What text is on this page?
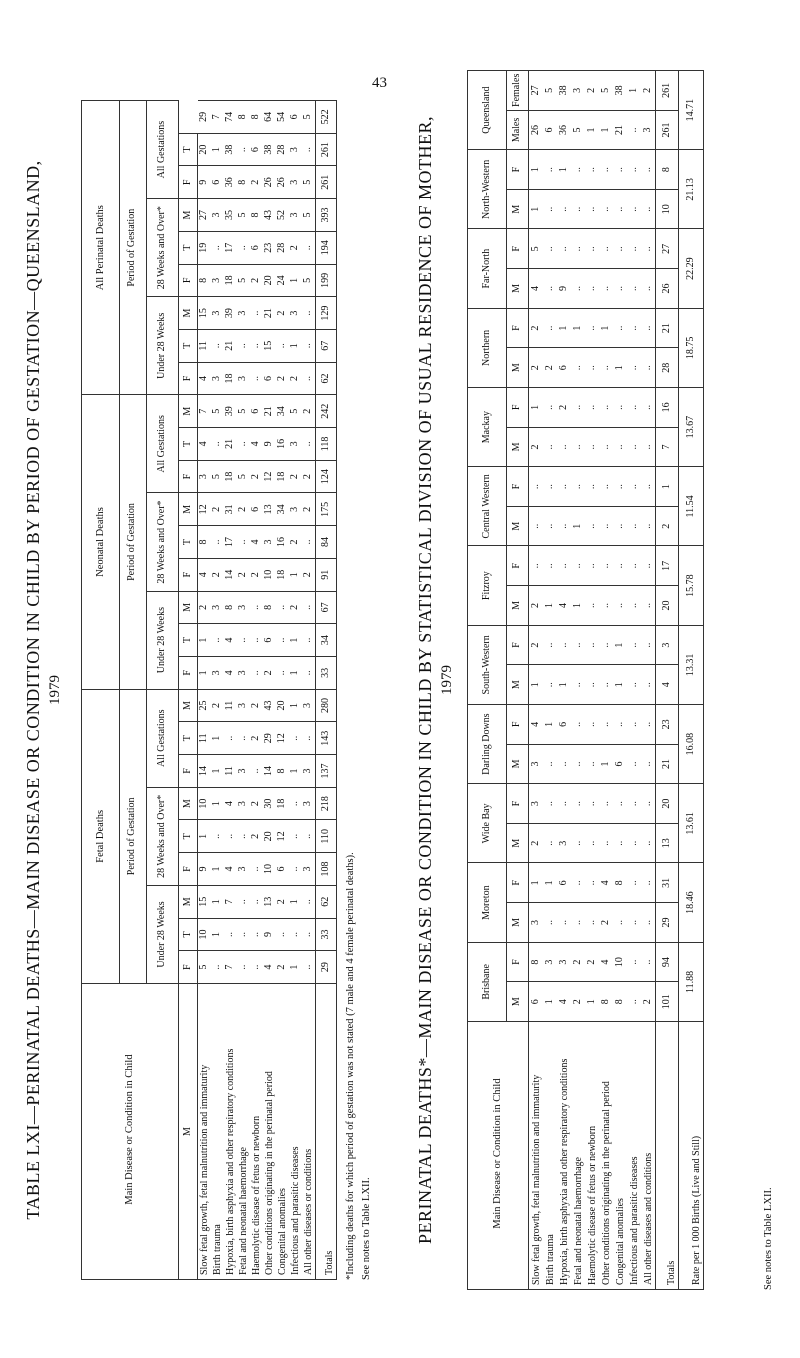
43
TABLE LXI—PERINATAL DEATHS—MAIN DISEASE OR CONDITION IN CHILD BY PERIOD OF GESTATION—QUEENSLAND, 1979
Main Disease or Condition in Child	Fetal Deaths									Neonatal Deaths									All Perinatal Deaths								
	Period of Gestation									Period of Gestation									Period of Gestation								
	Under 28 Weeks			28 Weeks and Over*			All Gestations			Under 28 Weeks			28 Weeks and Over*			All Gestations			Under 28 Weeks			28 Weeks and Over*			All Gestations		
M	F	T	M	F	T	M	F	T	M	F	T	M	F	T	M	F	T	M	F	T	M	F	T	M	F	T	
Slow fetal growth, fetal malnutrition and immaturity	5	10	15	9	1	10	14	11	25	1	1	2	4	8	12	3	4	7	4	11	15	8	19	27	9	20	29
Birth trauma	..	1	1	1	..	1	1	1	2	3	..	3	2	..	2	5	..	5	3	..	3	3	..	3	6	1	7
Hypoxia, birth asphyxia and other respiratory conditions	7	..	7	4	..	4	11	..	11	4	4	8	14	17	31	18	21	39	18	21	39	18	17	35	36	38	74
Fetal and neonatal haemorrhage	..	..	..	3	..	3	3	..	3	3	..	3	2	..	2	5	..	5	3	..	3	5	..	5	8	..	8
Haemolytic disease of fetus or newborn	..	..	..	..	2	2	..	2	2	..	..	..	2	4	6	2	4	6	..	..	..	2	6	8	2	6	8
Other conditions originating in the perinatal period	4	9	13	10	20	30	14	29	43	2	6	8	10	3	13	12	9	21	6	15	21	20	23	43	26	38	64
Congenital anomalies	2	..	2	6	12	18	8	12	20	..	..	..	18	16	34	18	16	34	2	..	2	24	28	52	26	28	54
Infectious and parasitic diseases	1	..	1	..	..	..	1	..	1	1	1	2	1	2	3	2	3	5	2	1	3	1	2	3	3	3	6
All other diseases or conditions	..	..	..	3	..	3	3	..	3	..	..	..	2	..	2	2	..	2	..	..	..	5	..	5	5	..	5
Totals	29	33	62	108	110	218	137	143	280	33	34	67	91	84	175	124	118	242	62	67	129	199	194	393	261	261	522
*Including deaths for which period of gestation was not stated (7 male and 4 female perinatal deaths). See notes to Table LXII. PERINATAL DEATHS*—MAIN DISEASE OR CONDITION IN CHILD BY STATISTICAL DIVISION OF USUAL RESIDENCE OF MOTHER, 1979
Main Disease or Condition in Child	Brisbane		Moreton		Wide Bay		Darling Downs		South-Western		Fitzroy		Central Western		Mackay		Northern		Far-North		North-Western		Queensland	
	M	F	M	F	M	F	M	F	M	F	M	F	M	F	M	F	M	F	M	F	M	F	Males	Females
Slow fetal growth, fetal malnutrition and immaturity	6	8	3	1	2	3	3	4	1	2	2	..	..	..	2	1	2	2	4	5	1	1	26	27
Birth trauma	1	3	..	1	..	..	..	1	..	..	1	..	..	..	..	..	2	..	..	..	..	..	6	5
Hypoxia, birth asphyxia and other respiratory conditions	4	3	..	6	3	..	..	6	1	..	4	..	..	..	..	2	6	1	9	..	..	1	36	38
Fetal and neonatal haemorrhage	2	2	..	..	..	..	..	..	..	..	1	..	1	..	..	..	..	1	..	..	..	..	5	3
Haemolytic disease of fetus or newborn	1	2	..	..	..	..	..	..	..	..	..	..	..	..	..	..	..	..	..	..	..	..	1	2
Other conditions originating in the perinatal period	8	4	2	4	..	..	1	..	..	..	..	..	..	..	..	..	..	1	..	..	..	..	1	5
Congenital anomalies	8	10	..	8	..	..	6	..	1	1	..	..	..	..	..	..	1	..	..	..	..	..	21	38
Infectious and parasitic diseases	..	..	..	..	..	..	..	..	..	..	..	..	..	..	..	..	..	..	..	..	..	..	..	1
All other diseases and conditions	2	..	..	..	..	..	..	..	..	..	..	..	..	..	..	..	..	..	..	..	..	..	3	2
Totals	101	94	29	31	13	20	21	23	4	3	20	17	2	1	7	16	28	21	26	27	10	8	261	261
Rate per 1 000 Births (Live and Still)	11.88		18.46		13.61		16.08		13.31		15.78		11.54		13.67		18.75		22.29		21.13		14.71	
See notes to Table LXII.
